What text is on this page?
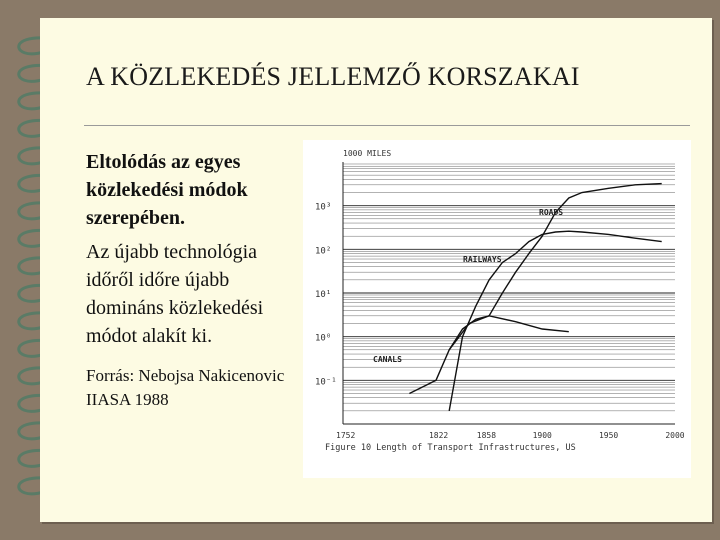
A KÖZLEKEDÉS JELLEMZŐ KORSZAKAI
Eltolódás az egyes közlekedési módok szerepében.
Az újabb technológia időről időre újabb domináns közlekedési módot alakít ki.
Forrás: Nebojsa Nakicenovic IIASA 1988
10³
10²
10¹
10⁰
10⁻¹
1752	1822	1858	1900	1950	2000
1000 MILES
Figure 10 Length of Transport Infrastructures, US
CANALS
RAILWAYS
ROADS
